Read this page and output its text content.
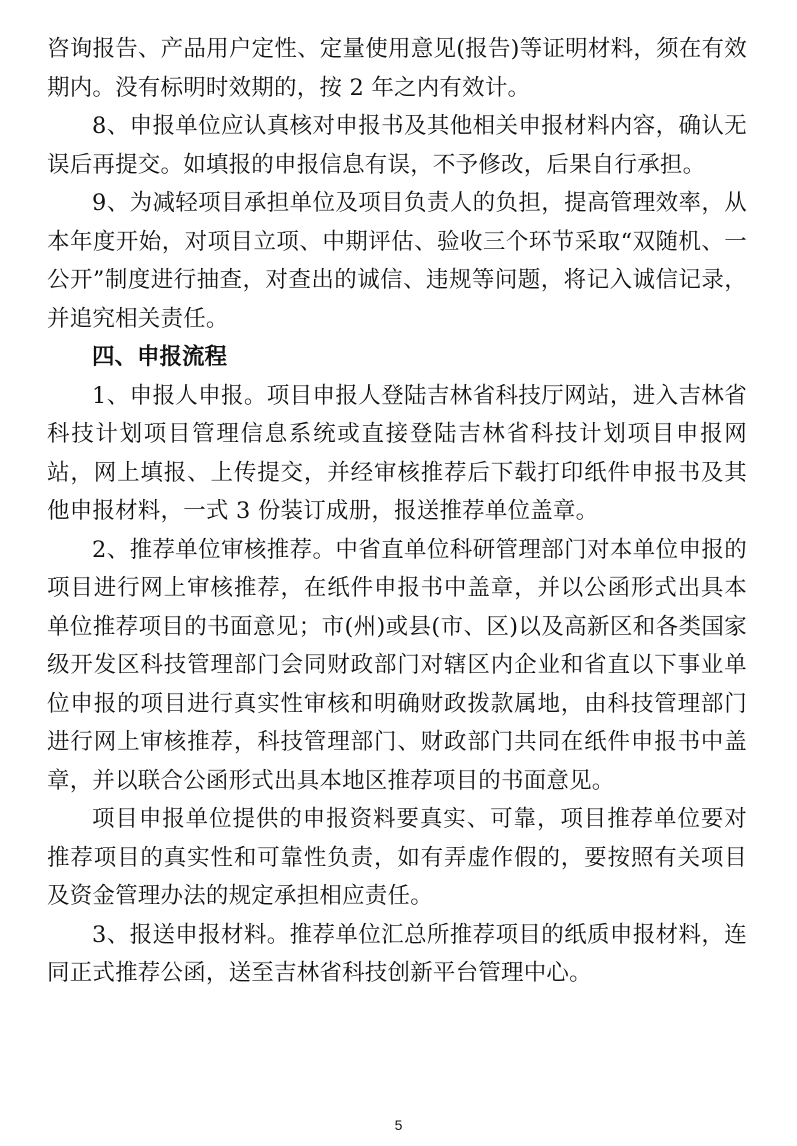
咨询报告、产品用户定性、定量使用意见(报告)等证明材料，须在有效期内。没有标明时效期的，按 2 年之内有效计。

8、申报单位应认真核对申报书及其他相关申报材料内容，确认无误后再提交。如填报的申报信息有误，不予修改，后果自行承担。

9、为减轻项目承担单位及项目负责人的负担，提高管理效率，从本年度开始，对项目立项、中期评估、验收三个环节采取“双随机、一公开”制度进行抽查，对查出的诚信、违规等问题，将记入诚信记录，并追究相关责任。

四、申报流程

1、申报人申报。项目申报人登陆吉林省科技厅网站，进入吉林省科技计划项目管理信息系统或直接登陆吉林省科技计划项目申报网站，网上填报、上传提交，并经审核推荐后下载打印纸件申报书及其他申报材料，一式 3 份装订成册，报送推荐单位盖章。

2、推荐单位审核推荐。中省直单位科研管理部门对本单位申报的项目进行网上审核推荐，在纸件申报书中盖章，并以公函形式出具本单位推荐项目的书面意见；市(州)或县(市、区)以及高新区和各类国家级开发区科技管理部门会同财政部门对辖区内企业和省直以下事业单位申报的项目进行真实性审核和明确财政拨款属地，由科技管理部门进行网上审核推荐，科技管理部门、财政部门共同在纸件申报书中盖章，并以联合公函形式出具本地区推荐项目的书面意见。

项目申报单位提供的申报资料要真实、可靠，项目推荐单位要对推荐项目的真实性和可靠性负责，如有弄虚作假的，要按照有关项目及资金管理办法的规定承担相应责任。

3、报送申报材料。推荐单位汇总所推荐项目的纸质申报材料，连同正式推荐公函，送至吉林省科技创新平台管理中心。

5
